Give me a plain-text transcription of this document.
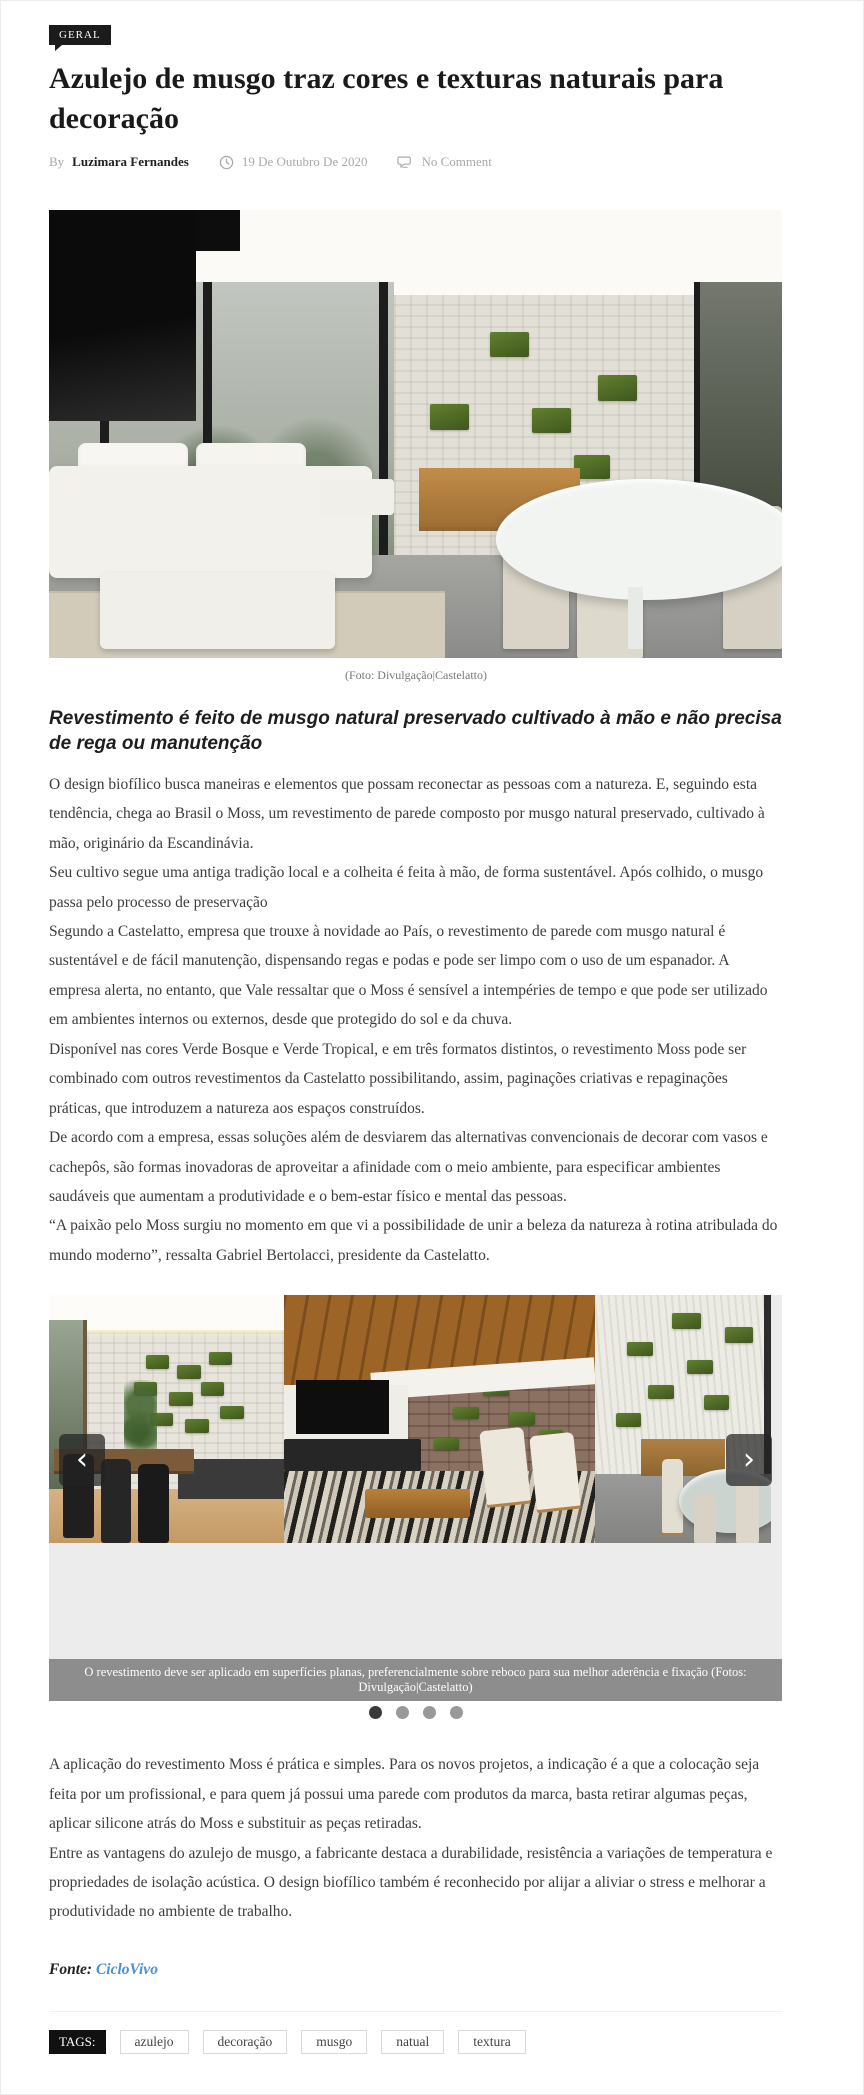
GERAL
Azulejo de musgo traz cores e texturas naturais para decoração
By Luzimara Fernandes	19 De Outubro De 2020	No Comment
(Foto: Divulgação|Castelatto)
Revestimento é feito de musgo natural preservado cultivado à mão e não precisa de rega ou manutenção

O design biofílico busca maneiras e elementos que possam reconectar as pessoas com a natureza. E, seguindo esta tendência, chega ao Brasil o Moss, um revestimento de parede composto por musgo natural preservado, cultivado à mão, originário da Escandinávia.

Seu cultivo segue uma antiga tradição local e a colheita é feita à mão, de forma sustentável. Após colhido, o musgo passa pelo processo de preservação

Segundo a Castelatto, empresa que trouxe à novidade ao País, o revestimento de parede com musgo natural é sustentável e de fácil manutenção, dispensando regas e podas e pode ser limpo com o uso de um espanador. A empresa alerta, no entanto, que Vale ressaltar que o Moss é sensível a intempéries de tempo e que pode ser utilizado em ambientes internos ou externos, desde que protegido do sol e da chuva.

Disponível nas cores Verde Bosque e Verde Tropical, e em três formatos distintos, o revestimento Moss pode ser combinado com outros revestimentos da Castelatto possibilitando, assim, paginações criativas e repaginações práticas, que introduzem a natureza aos espaços construídos.

De acordo com a empresa, essas soluções além de desviarem das alternativas convencionais de decorar com vasos e cachepôs, são formas inovadoras de aproveitar a afinidade com o meio ambiente, para especificar ambientes saudáveis que aumentam a produtividade e o bem-estar físico e mental das pessoas.

“A paixão pelo Moss surgiu no momento em que vi a possibilidade de unir a beleza da natureza à rotina atribulada do mundo moderno”, ressalta Gabriel Bertolacci, presidente da Castelatto.

‹	›
O revestimento deve ser aplicado em superfícies planas, preferencialmente sobre reboco para sua melhor aderência e fixação (Fotos: Divulgação|Castelatto)

A aplicação do revestimento Moss é prática e simples. Para os novos projetos, a indicação é a que a colocação seja feita por um profissional, e para quem já possui uma parede com produtos da marca, basta retirar algumas peças, aplicar silicone atrás do Moss e substituir as peças retiradas.

Entre as vantagens do azulejo de musgo, a fabricante destaca a durabilidade, resistência a variações de temperatura e propriedades de isolação acústica. O design biofílico também é reconhecido por alijar a aliviar o stress e melhorar a produtividade no ambiente de trabalho.

Fonte: CicloVivo

TAGS:	azulejo	decoração	musgo	natual	textura
